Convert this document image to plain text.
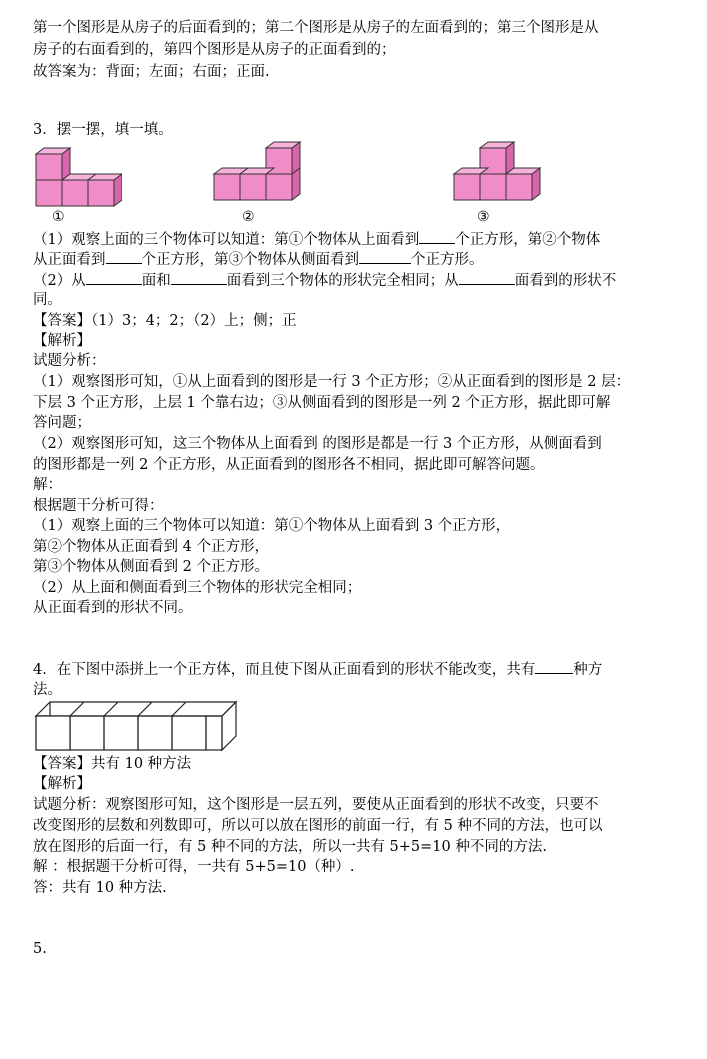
第一个图形是从房子的后面看到的；第二个图形是从房子的左面看到的；第三个图形是从
房子的右面看到的，第四个图形是从房子的正面看到的；
故答案为：背面；左面；右面；正面.
3．摆一摆，填一填。
①	②	③
（1）观察上面的三个物体可以知道：第①个物体从上面看到 个正方形，第②个物体
从正面看到 个正方形，第③个物体从侧面看到	个正方形。
（2）从	面和	面看到三个物体的形状完全相同；从	面看到的形状不
同。
【答案】（1）3；4；2；（2）上；侧；正
【解析】
试题分析：
（1）观察图形可知，①从上面看到的图形是一行 3 个正方形；②从正面看到的图形是 2 层：
下层 3 个正方形，上层 1 个靠右边；③从侧面看到的图形是一列 2 个正方形，据此即可解
答问题；
（2）观察图形可知，这三个物体从上面看到 的图形是都是一行 3 个正方形，从侧面看到
的图形都是一列 2 个正方形，从正面看到的图形各不相同，据此即可解答问题。
解：
根据题干分析可得：
（1）观察上面的三个物体可以知道：第①个物体从上面看到 3 个正方形，
第②个物体从正面看到 4 个正方形，
第③个物体从侧面看到 2 个正方形。
（2）从上面和侧面看到三个物体的形状完全相同；
从正面看到的形状不同。
4．在下图中添拼上一个正方体，而且使下图从正面看到的形状不能改变，共有	种方
法。
【答案】共有 10 种方法
【解析】
试题分析：观察图形可知，这个图形是一层五列，要使从正面看到的形状不改变，只要不
改变图形的层数和列数即可，所以可以放在图形的前面一行，有 5 种不同的方法，也可以
放在图形的后面一行，有 5 种不同的方法，所以一共有 5+5=10 种不同的方法.
解 ：根据题干分析可得，一共有 5+5=10（种）.
答：共有 10 种方法.
5.
